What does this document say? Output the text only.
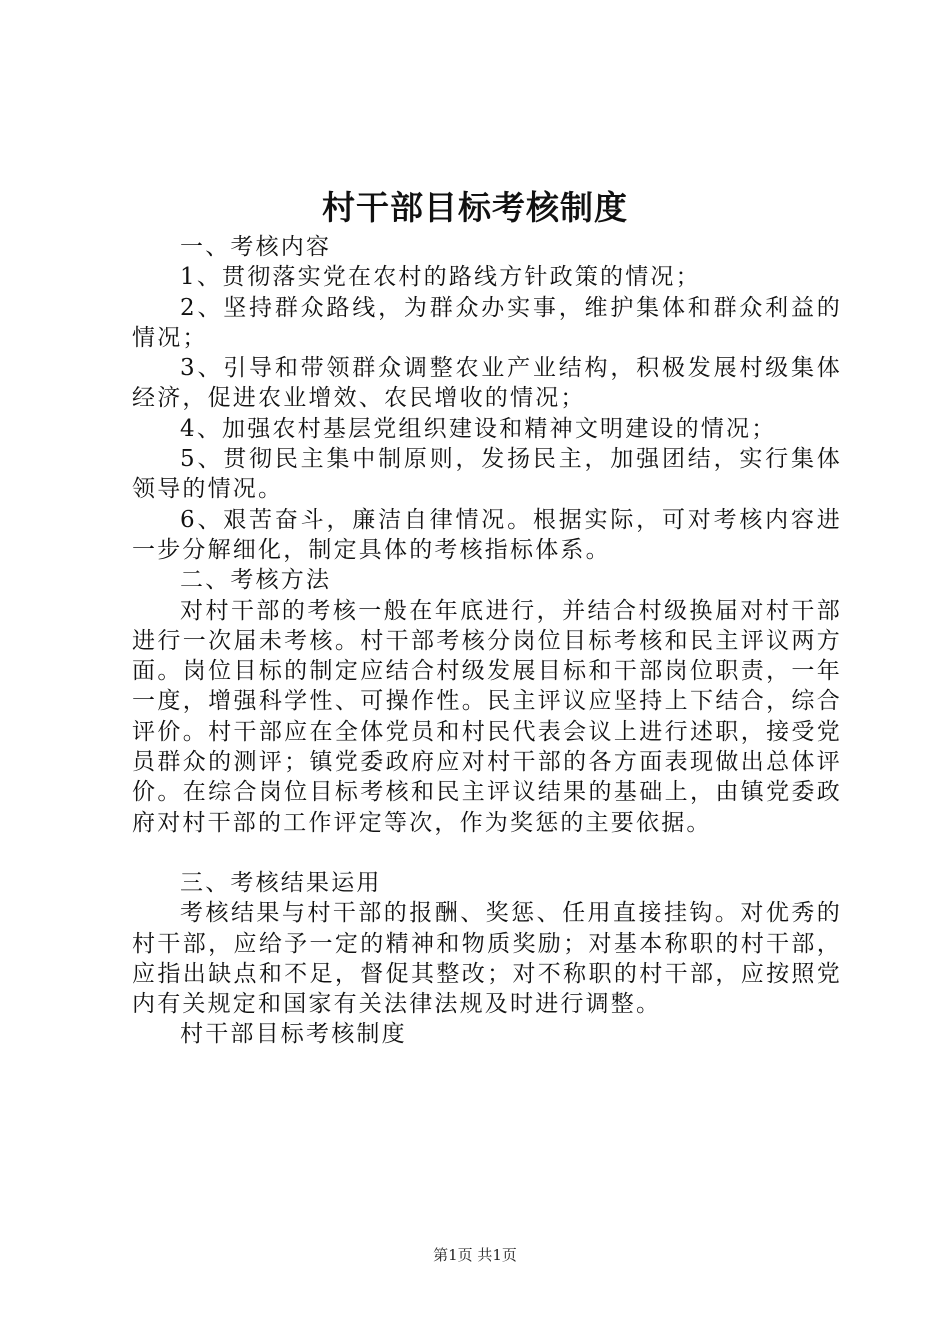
村干部目标考核制度

一、考核内容

1、贯彻落实党在农村的路线方针政策的情况；

2、坚持群众路线，为群众办实事，维护集体和群众利益的情况；

3、引导和带领群众调整农业产业结构，积极发展村级集体经济，促进农业增效、农民增收的情况；

4、加强农村基层党组织建设和精神文明建设的情况；

5、贯彻民主集中制原则，发扬民主，加强团结，实行集体领导的情况。

6、艰苦奋斗，廉洁自律情况。根据实际，可对考核内容进一步分解细化，制定具体的考核指标体系。

二、考核方法

对村干部的考核一般在年底进行，并结合村级换届对村干部进行一次届未考核。村干部考核分岗位目标考核和民主评议两方面。岗位目标的制定应结合村级发展目标和干部岗位职责，一年一度，增强科学性、可操作性。民主评议应坚持上下结合，综合评价。村干部应在全体党员和村民代表会议上进行述职，接受党员群众的测评；镇党委政府应对村干部的各方面表现做出总体评价。在综合岗位目标考核和民主评议结果的基础上，由镇党委政府对村干部的工作评定等次，作为奖惩的主要依据。

三、考核结果运用

考核结果与村干部的报酬、奖惩、任用直接挂钩。对优秀的村干部，应给予一定的精神和物质奖励；对基本称职的村干部，应指出缺点和不足，督促其整改；对不称职的村干部，应按照党内有关规定和国家有关法律法规及时进行调整。

村干部目标考核制度

第1页 共1页
